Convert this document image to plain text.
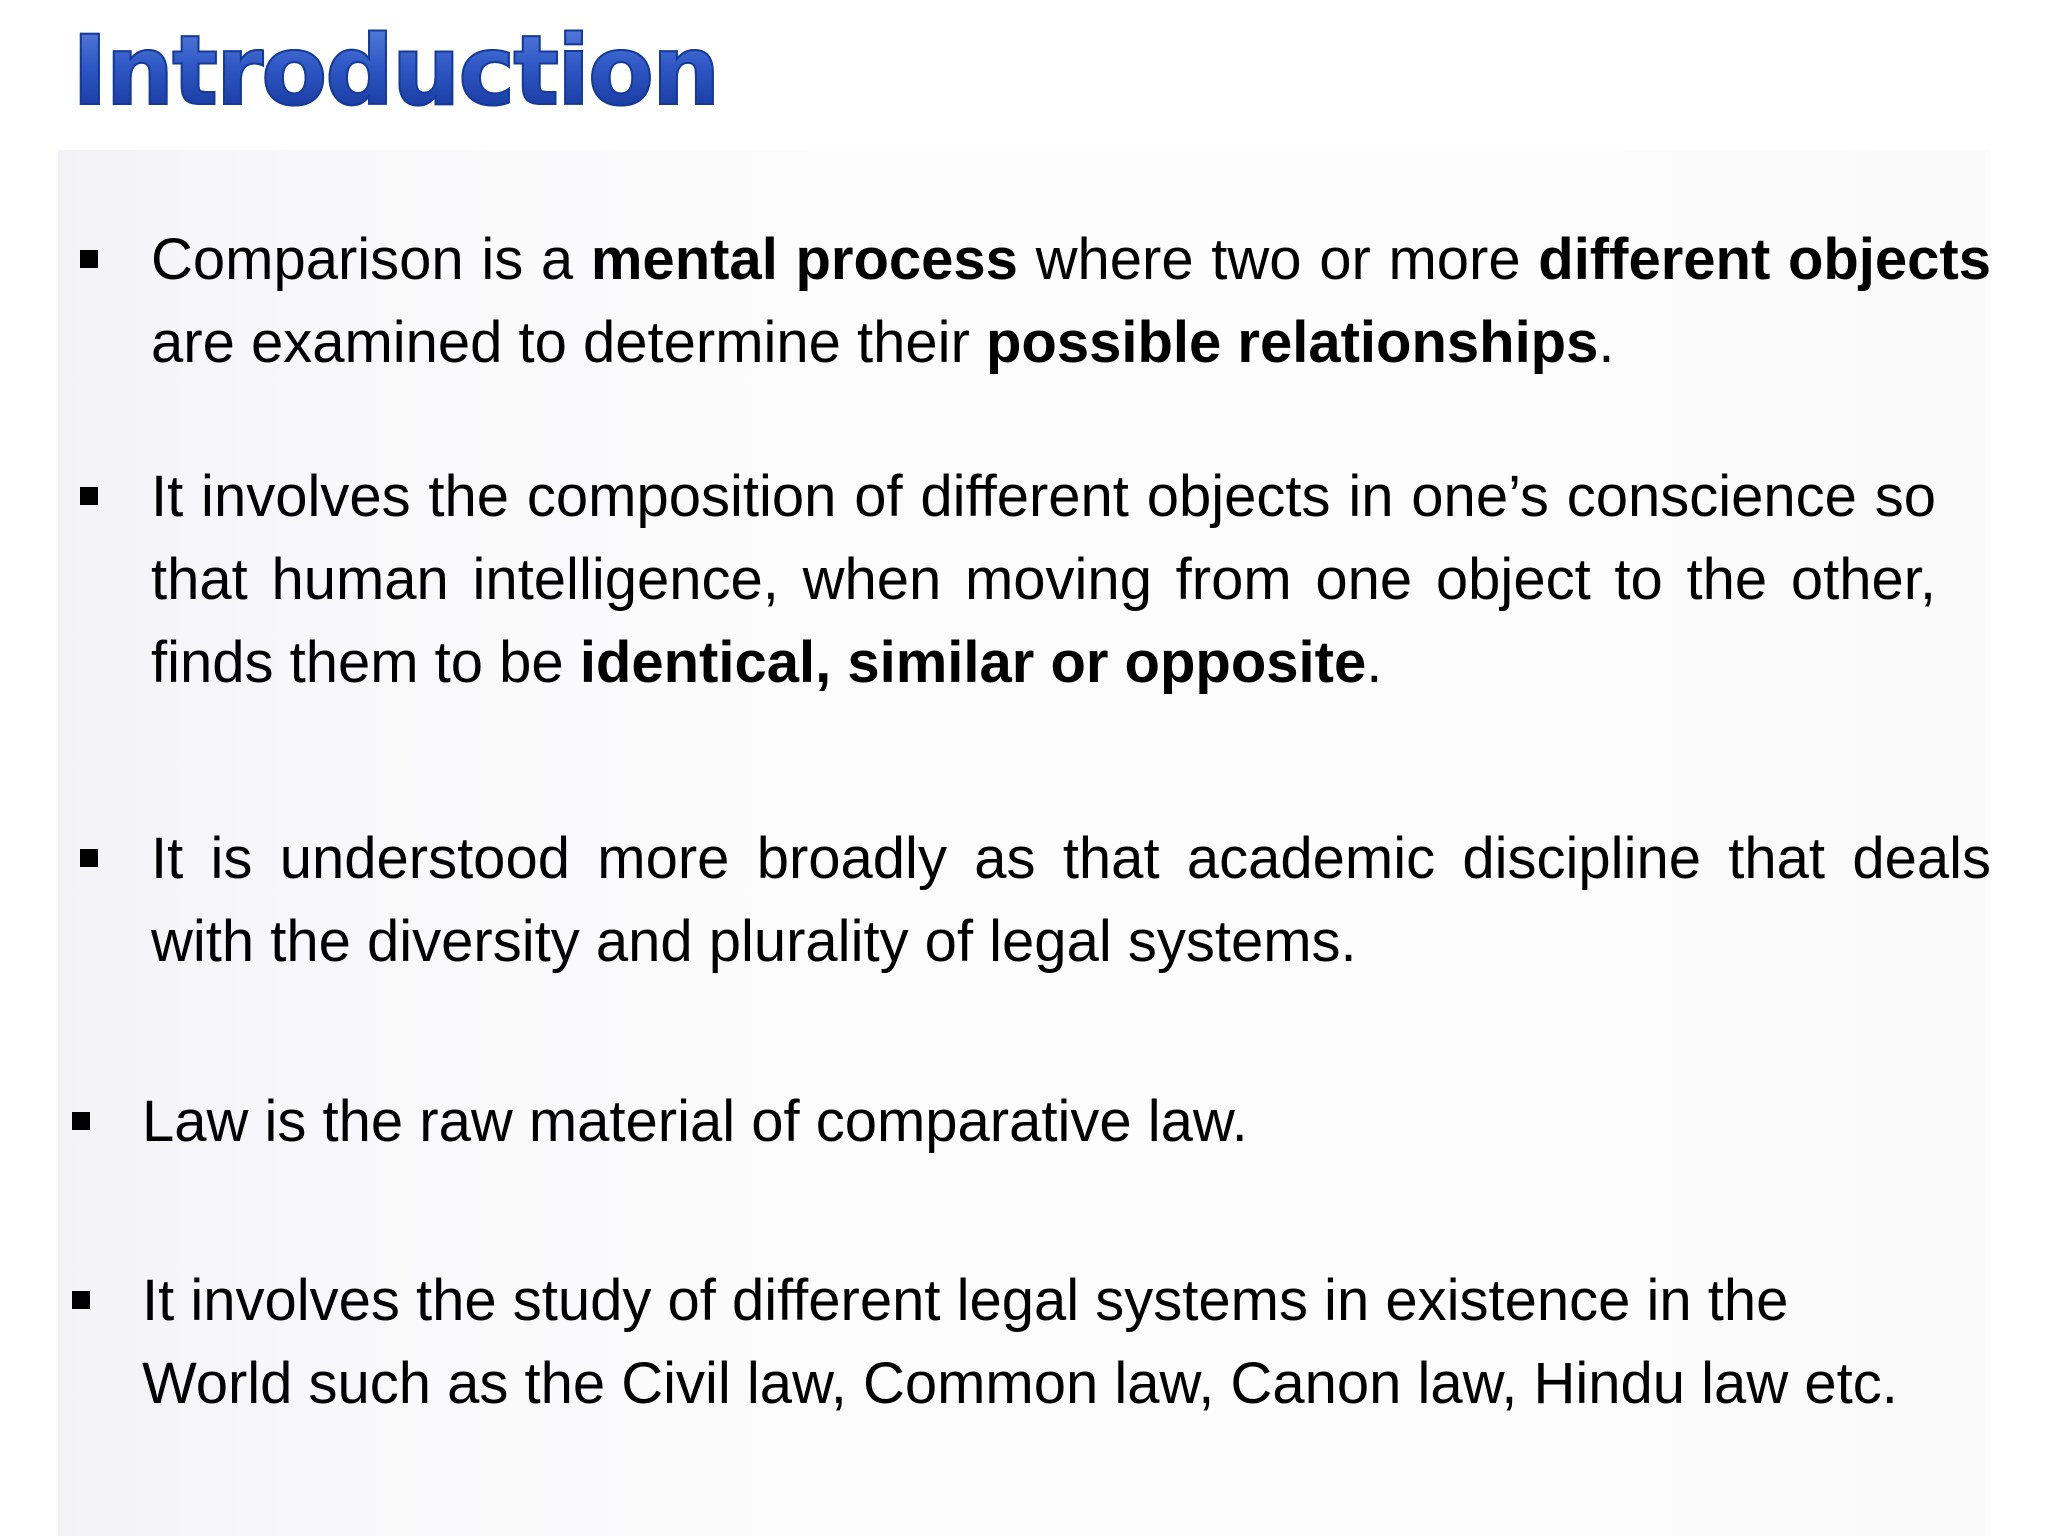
Introduction

Comparison is a mental process where two or more different objects are examined to determine their possible relationships.

It involves the composition of different objects in one’s conscience so that human intelligence, when moving from one object to the other, finds them to be identical, similar or opposite.

It is understood more broadly as that academic discipline that deals with the diversity and plurality of legal systems.

Law is the raw material of comparative law.

It involves the study of different legal systems in existence in the World such as the Civil law, Common law, Canon law, Hindu law etc.
